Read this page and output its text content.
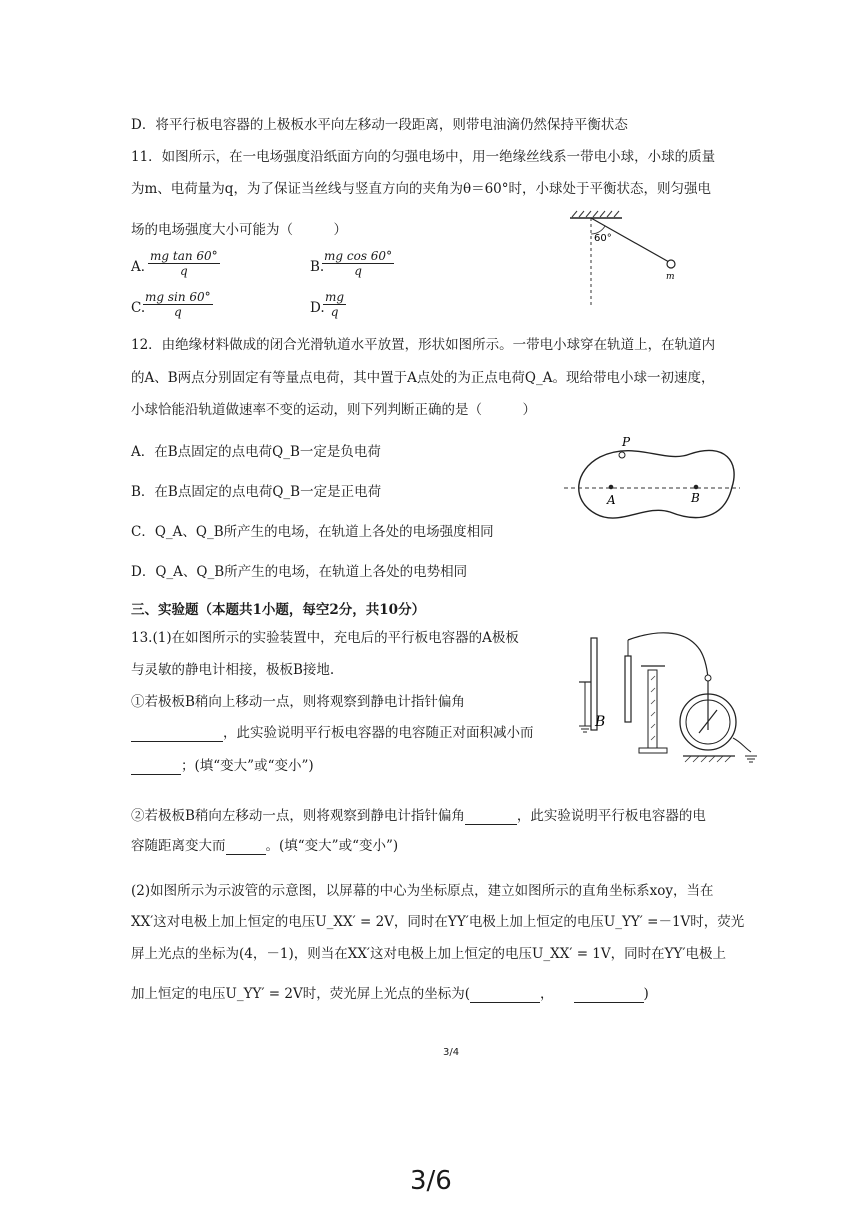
D．将平行板电容器的上极板水平向左移动一段距离，则带电油滴仍然保持平衡状态
11．如图所示，在一电场强度沿纸面方向的匀强电场中，用一绝缘丝线系一带电小球，小球的质量
为m、电荷量为q，为了保证当丝线与竖直方向的夹角为θ＝60°时，小球处于平衡状态，则匀强电
场的电场强度大小可能为（　　　）
A．
$\frac{\text{mg tan 60°}}{q}$	B.
$\frac{\text{mg cos 60°}}{q}$
C.
$\frac{\text{mg sin 60°}}{q}$	D.
$\frac{mg}{q}$
60°
m
12．由绝缘材料做成的闭合光滑轨道水平放置，形状如图所示。一带电小球穿在轨道上，在轨道内
的A、B两点分别固定有等量点电荷，其中置于A点处的为正点电荷Q_A。现给带电小球一初速度，
小球恰能沿轨道做速率不变的运动，则下列判断正确的是（　　　）
A．在B点固定的点电荷Q_B一定是负电荷
B．在B点固定的点电荷Q_B一定是正电荷
C．Q_A、Q_B所产生的电场，在轨道上各处的电场强度相同
D．Q_A、Q_B所产生的电场，在轨道上各处的电势相同
P
A	B
三、实验题（本题共1小题，每空2分，共10分）
13.(1)在如图所示的实验装置中，充电后的平行板电容器的A极板
与灵敏的静电计相接，极板B接地.
①若极板B稍向上移动一点，则将观察到静电计指针偏角
，此实验说明平行板电容器的电容随正对面积减小而
；(填“变大”或“变小”)
B
②若极板B稍向左移动一点，则将观察到静电计指针偏角	，此实验说明平行板电容器的电
容随距离变大而	。(填“变大”或“变小”)
(2)如图所示为示波管的示意图，以屏幕的中心为坐标原点，建立如图所示的直角坐标系xoy，当在
XX′这对电极上加上恒定的电压U_XX′ = 2V，同时在YY′电极上加上恒定的电压U_YY′ =－1V时，荧光
屏上光点的坐标为(4，－1)，则当在XX′这对电极上加上恒定的电压U_XX′ = 1V，同时在YY′电极上
加上恒定的电压U_YY′ = 2V时，荧光屏上光点的坐标为(	，	)
3/4
3/6
